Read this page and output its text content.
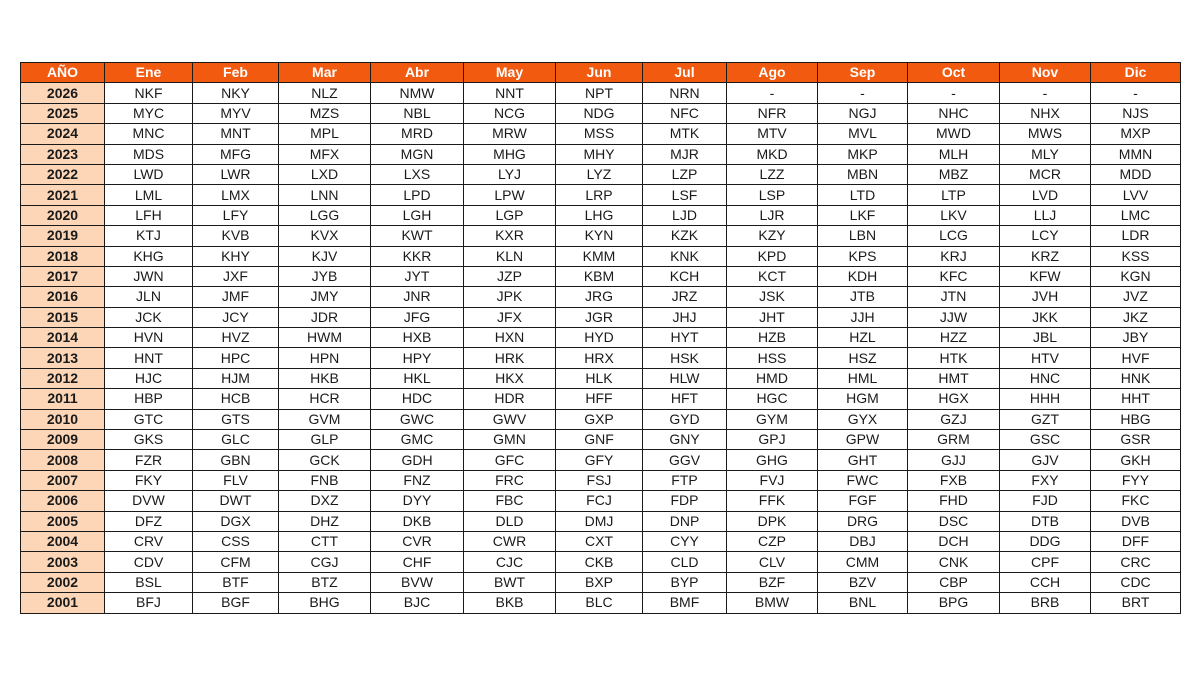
AÑO	Ene	Feb	Mar	Abr	May	Jun	Jul	Ago	Sep	Oct	Nov	Dic
2026	NKF	NKY	NLZ	NMW	NNT	NPT	NRN	-	-	-	-	-
2025	MYC	MYV	MZS	NBL	NCG	NDG	NFC	NFR	NGJ	NHC	NHX	NJS
2024	MNC	MNT	MPL	MRD	MRW	MSS	MTK	MTV	MVL	MWD	MWS	MXP
2023	MDS	MFG	MFX	MGN	MHG	MHY	MJR	MKD	MKP	MLH	MLY	MMN
2022	LWD	LWR	LXD	LXS	LYJ	LYZ	LZP	LZZ	MBN	MBZ	MCR	MDD
2021	LML	LMX	LNN	LPD	LPW	LRP	LSF	LSP	LTD	LTP	LVD	LVV
2020	LFH	LFY	LGG	LGH	LGP	LHG	LJD	LJR	LKF	LKV	LLJ	LMC
2019	KTJ	KVB	KVX	KWT	KXR	KYN	KZK	KZY	LBN	LCG	LCY	LDR
2018	KHG	KHY	KJV	KKR	KLN	KMM	KNK	KPD	KPS	KRJ	KRZ	KSS
2017	JWN	JXF	JYB	JYT	JZP	KBM	KCH	KCT	KDH	KFC	KFW	KGN
2016	JLN	JMF	JMY	JNR	JPK	JRG	JRZ	JSK	JTB	JTN	JVH	JVZ
2015	JCK	JCY	JDR	JFG	JFX	JGR	JHJ	JHT	JJH	JJW	JKK	JKZ
2014	HVN	HVZ	HWM	HXB	HXN	HYD	HYT	HZB	HZL	HZZ	JBL	JBY
2013	HNT	HPC	HPN	HPY	HRK	HRX	HSK	HSS	HSZ	HTK	HTV	HVF
2012	HJC	HJM	HKB	HKL	HKX	HLK	HLW	HMD	HML	HMT	HNC	HNK
2011	HBP	HCB	HCR	HDC	HDR	HFF	HFT	HGC	HGM	HGX	HHH	HHT
2010	GTC	GTS	GVM	GWC	GWV	GXP	GYD	GYM	GYX	GZJ	GZT	HBG
2009	GKS	GLC	GLP	GMC	GMN	GNF	GNY	GPJ	GPW	GRM	GSC	GSR
2008	FZR	GBN	GCK	GDH	GFC	GFY	GGV	GHG	GHT	GJJ	GJV	GKH
2007	FKY	FLV	FNB	FNZ	FRC	FSJ	FTP	FVJ	FWC	FXB	FXY	FYY
2006	DVW	DWT	DXZ	DYY	FBC	FCJ	FDP	FFK	FGF	FHD	FJD	FKC
2005	DFZ	DGX	DHZ	DKB	DLD	DMJ	DNP	DPK	DRG	DSC	DTB	DVB
2004	CRV	CSS	CTT	CVR	CWR	CXT	CYY	CZP	DBJ	DCH	DDG	DFF
2003	CDV	CFM	CGJ	CHF	CJC	CKB	CLD	CLV	CMM	CNK	CPF	CRC
2002	BSL	BTF	BTZ	BVW	BWT	BXP	BYP	BZF	BZV	CBP	CCH	CDC
2001	BFJ	BGF	BHG	BJC	BKB	BLC	BMF	BMW	BNL	BPG	BRB	BRT
